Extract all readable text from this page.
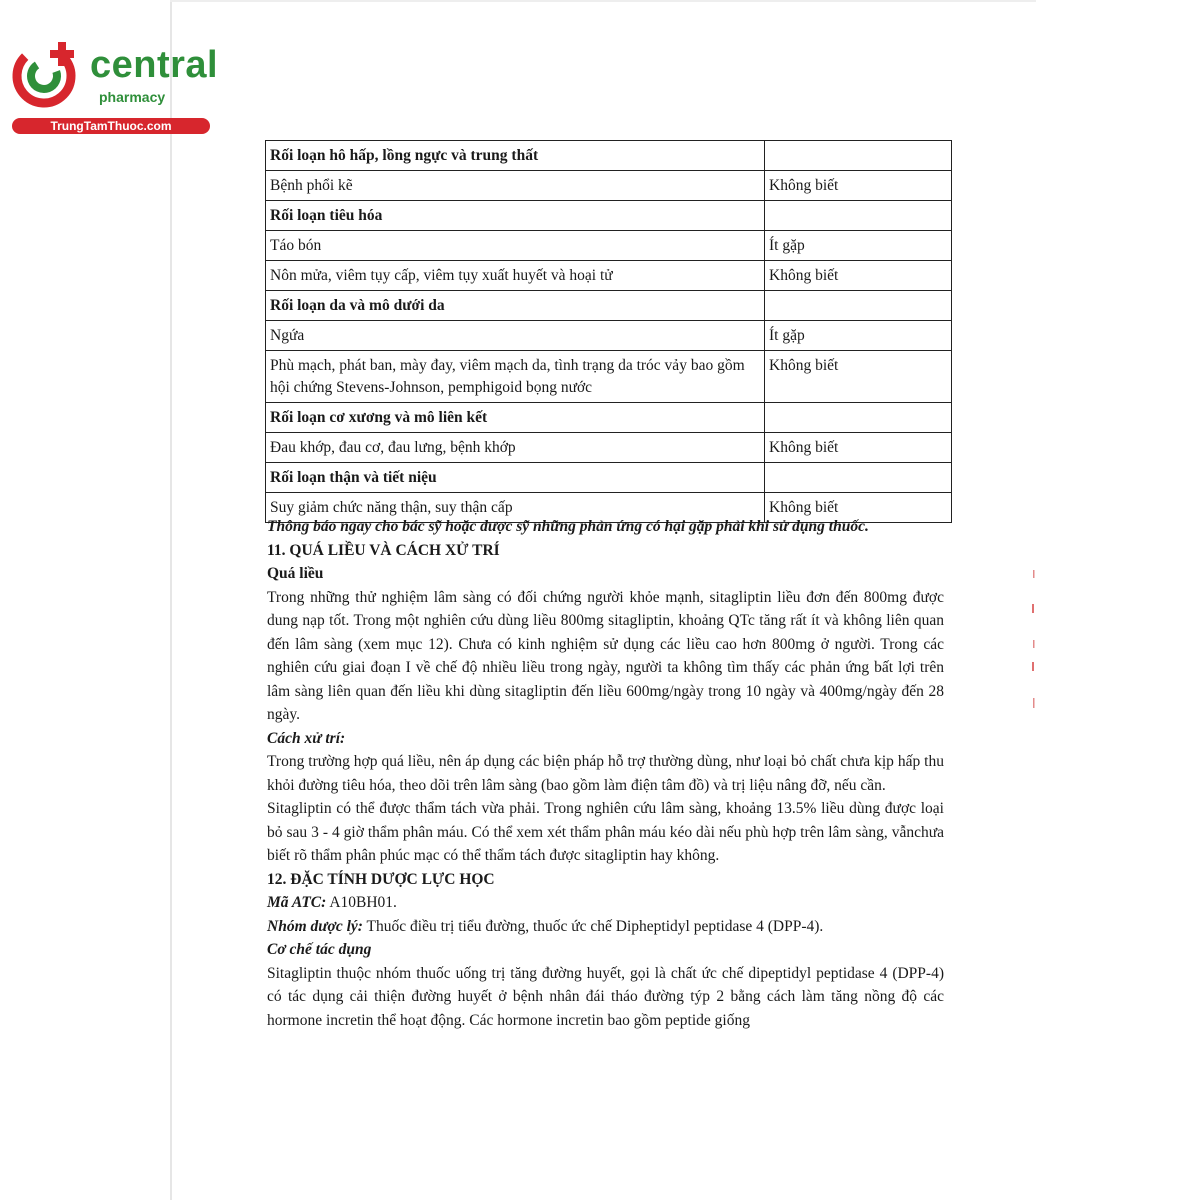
central
pharmacy
TrungTamThuoc.com
Rối loạn hô hấp, lồng ngực và trung thất	
Bệnh phổi kẽ	Không biết
Rối loạn tiêu hóa	
Táo bón	Ít gặp
Nôn mửa, viêm tụy cấp, viêm tụy xuất huyết và hoại tử	Không biết
Rối loạn da và mô dưới da	
Ngứa	Ít gặp
Phù mạch, phát ban, mày đay, viêm mạch da, tình trạng da tróc vảy bao gồm hội chứng Stevens-Johnson, pemphigoid bọng nước	Không biết
Rối loạn cơ xương và mô liên kết	
Đau khớp, đau cơ, đau lưng, bệnh khớp	Không biết
Rối loạn thận và tiết niệu	
Suy giảm chức năng thận, suy thận cấp	Không biết

Thông báo ngay cho bác sỹ hoặc dược sỹ những phản ứng có hại gặp phải khi sử dụng thuốc.

11. QUÁ LIỀU VÀ CÁCH XỬ TRÍ

Quá liều

Trong những thử nghiệm lâm sàng có đối chứng người khỏe mạnh, sitagliptin liều đơn đến 800mg được dung nạp tốt. Trong một nghiên cứu dùng liều 800mg sitagliptin, khoảng QTc tăng rất ít và không liên quan đến lâm sàng (xem mục 12). Chưa có kinh nghiệm sử dụng các liều cao hơn 800mg ở người. Trong các nghiên cứu giai đoạn I về chế độ nhiều liều trong ngày, người ta không tìm thấy các phản ứng bất lợi trên lâm sàng liên quan đến liều khi dùng sitagliptin đến liều 600mg/ngày trong 10 ngày và 400mg/ngày đến 28 ngày.

Cách xử trí:

Trong trường hợp quá liều, nên áp dụng các biện pháp hỗ trợ thường dùng, như loại bỏ chất chưa kịp hấp thu khỏi đường tiêu hóa, theo dõi trên lâm sàng (bao gồm làm điện tâm đồ) và trị liệu nâng đỡ, nếu cần.

Sitagliptin có thể được thẩm tách vừa phải. Trong nghiên cứu lâm sàng, khoảng 13.5% liều dùng được loại bỏ sau 3 - 4 giờ thẩm phân máu. Có thể xem xét thẩm phân máu kéo dài nếu phù hợp trên lâm sàng, vẫnchưa biết rõ thẩm phân phúc mạc có thể thẩm tách được sitagliptin hay không.

12. ĐẶC TÍNH DƯỢC LỰC HỌC

Mã ATC: A10BH01.

Nhóm dược lý: Thuốc điều trị tiểu đường, thuốc ức chế Dipheptidyl peptidase 4 (DPP-4).

Cơ chế tác dụng

Sitagliptin thuộc nhóm thuốc uống trị tăng đường huyết, gọi là chất ức chế dipeptidyl peptidase 4 (DPP-4) có tác dụng cải thiện đường huyết ở bệnh nhân đái tháo đường týp 2 bằng cách làm tăng nồng độ các hormone incretin thể hoạt động. Các hormone incretin bao gồm peptide giống
